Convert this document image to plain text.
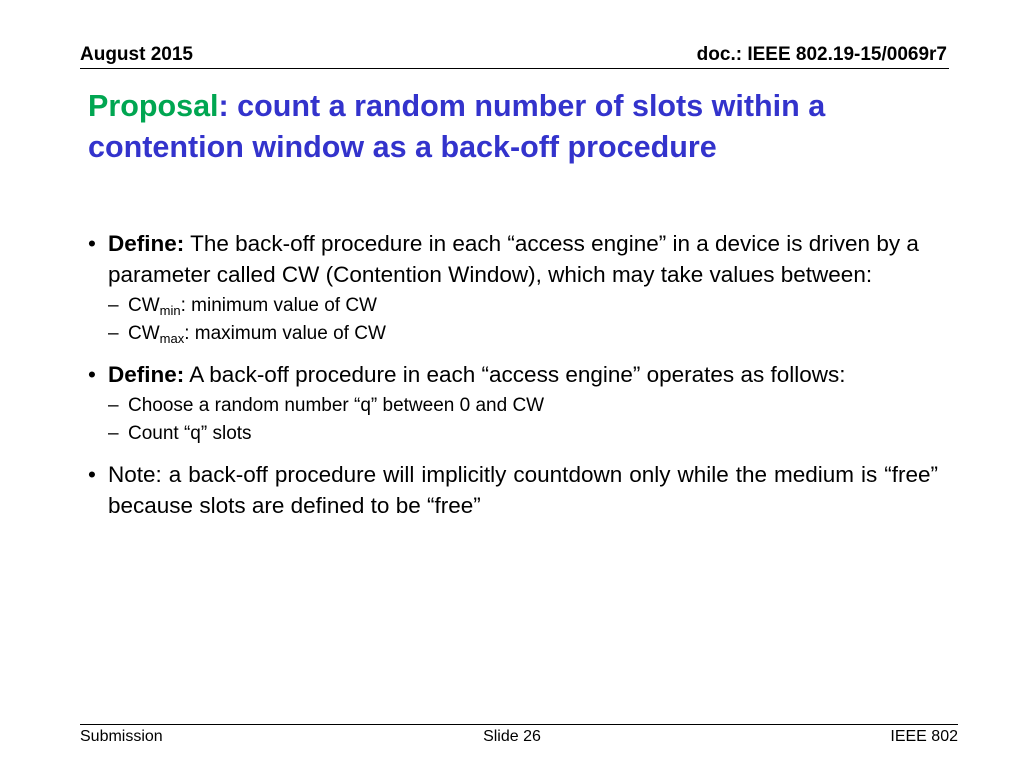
August 2015	doc.: IEEE 802.19-15/0069r7
Proposal: count a random number of slots within a contention window as a back-off procedure
• Define: The back-off procedure in each “access engine” in a device is driven by a parameter called CW (Contention Window), which may take values between:
– $CW_{min}$: minimum value of CW
– $CW_{max}$: maximum value of CW
• Define: A back-off procedure in each “access engine” operates as follows:
– Choose a random number “q” between 0 and CW
– Count “q” slots
• Note: a back-off procedure will implicitly countdown only while the medium is “free” because slots are defined to be “free”
Submission	Slide 26	IEEE 802
